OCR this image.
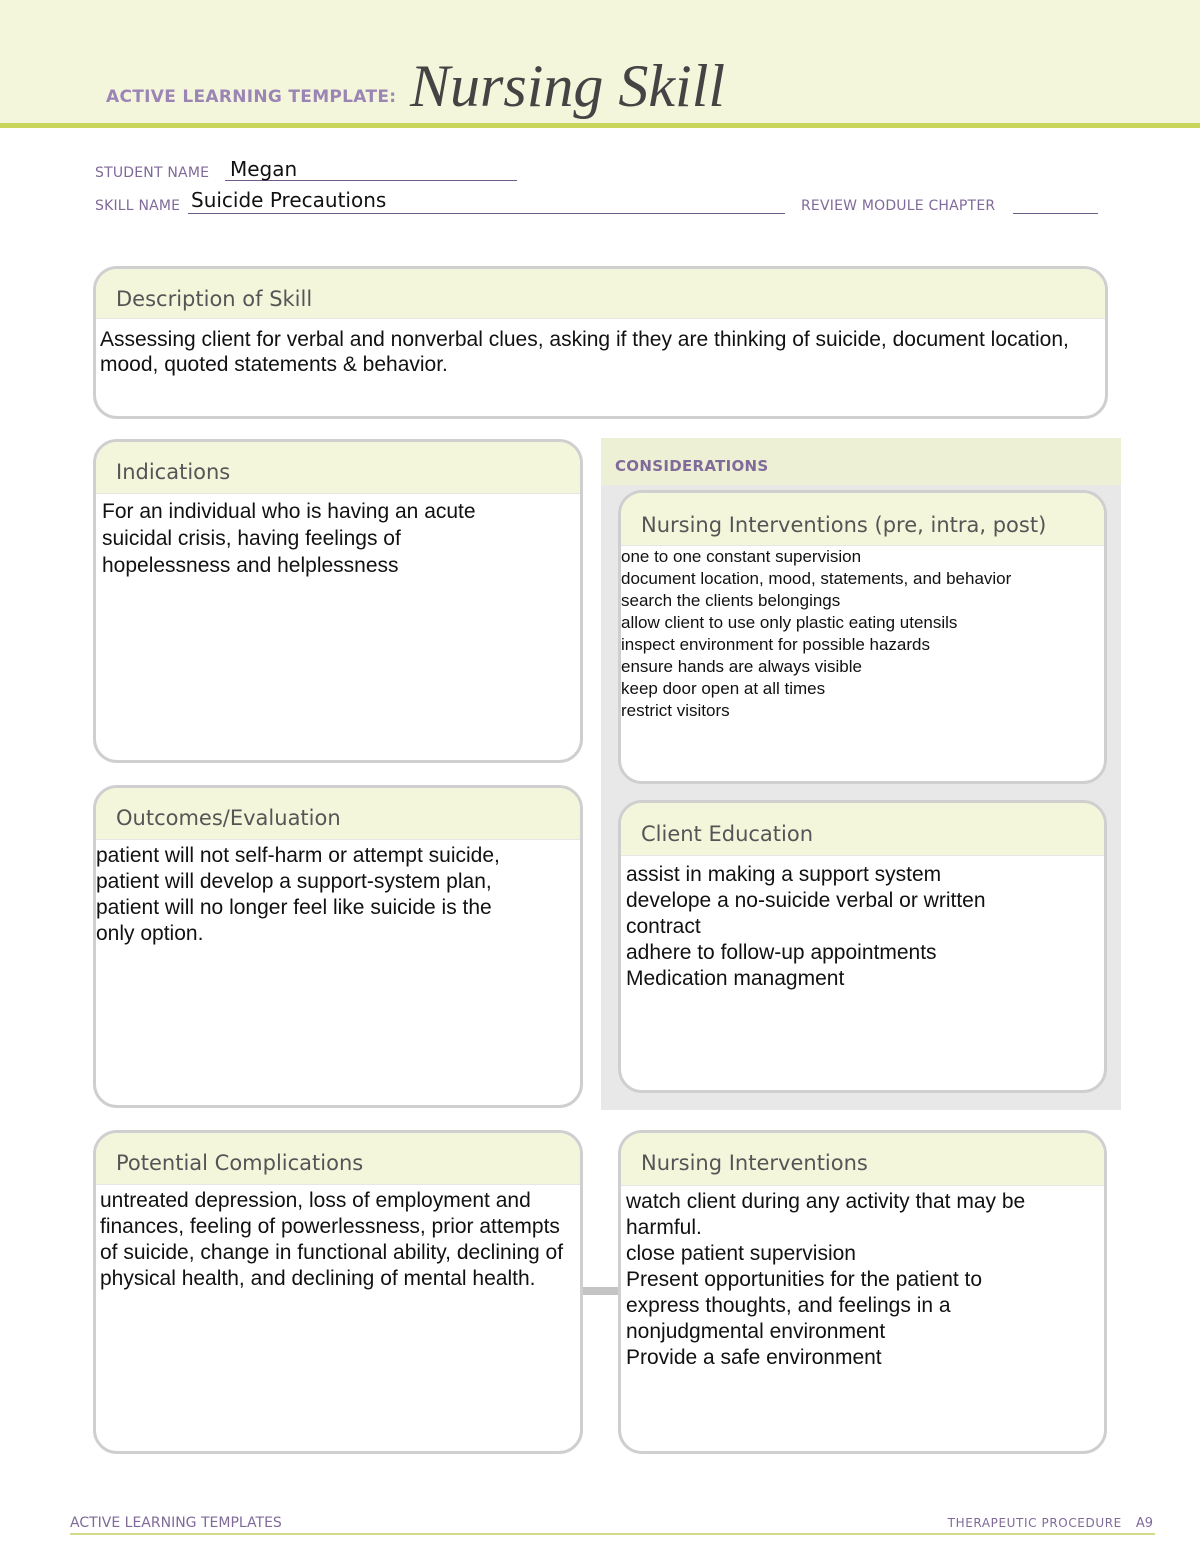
ACTIVE LEARNING TEMPLATE: Nursing Skill
STUDENT NAME Megan
SKILL NAME Suicide Precautions	REVIEW MODULE CHAPTER
Description of Skill
Assessing client for verbal and nonverbal clues, asking if they are thinking of suicide, document location, mood, quoted statements & behavior.
Indications
For an individual who is having an acute suicidal crisis, having feelings of hopelessness and helplessness
CONSIDERATIONS
Nursing Interventions (pre, intra, post)
one to one constant supervision
document location, mood, statements, and behavior
search the clients belongings
allow client to use only plastic eating utensils
inspect environment for possible hazards
ensure hands are always visible
keep door open at all times
restrict visitors
Outcomes/Evaluation
patient will not self-harm or attempt suicide,
patient will develop a support-system plan,
patient will no longer feel like suicide is the
only option.
Client Education
assist in making a support system
develope a no-suicide verbal or written
contract
adhere to follow-up appointments
Medication managment
Potential Complications
untreated depression, loss of employment and finances, feeling of powerlessness, prior attempts of suicide, change in functional ability, declining of physical health, and declining of mental health.
Nursing Interventions
watch client during any activity that may be
harmful.
close patient supervision
Present opportunities for the patient to
express thoughts, and feelings in a
nonjudgmental environment
Provide a safe environment
ACTIVE LEARNING TEMPLATES	THERAPEUTIC PROCEDURE A9
